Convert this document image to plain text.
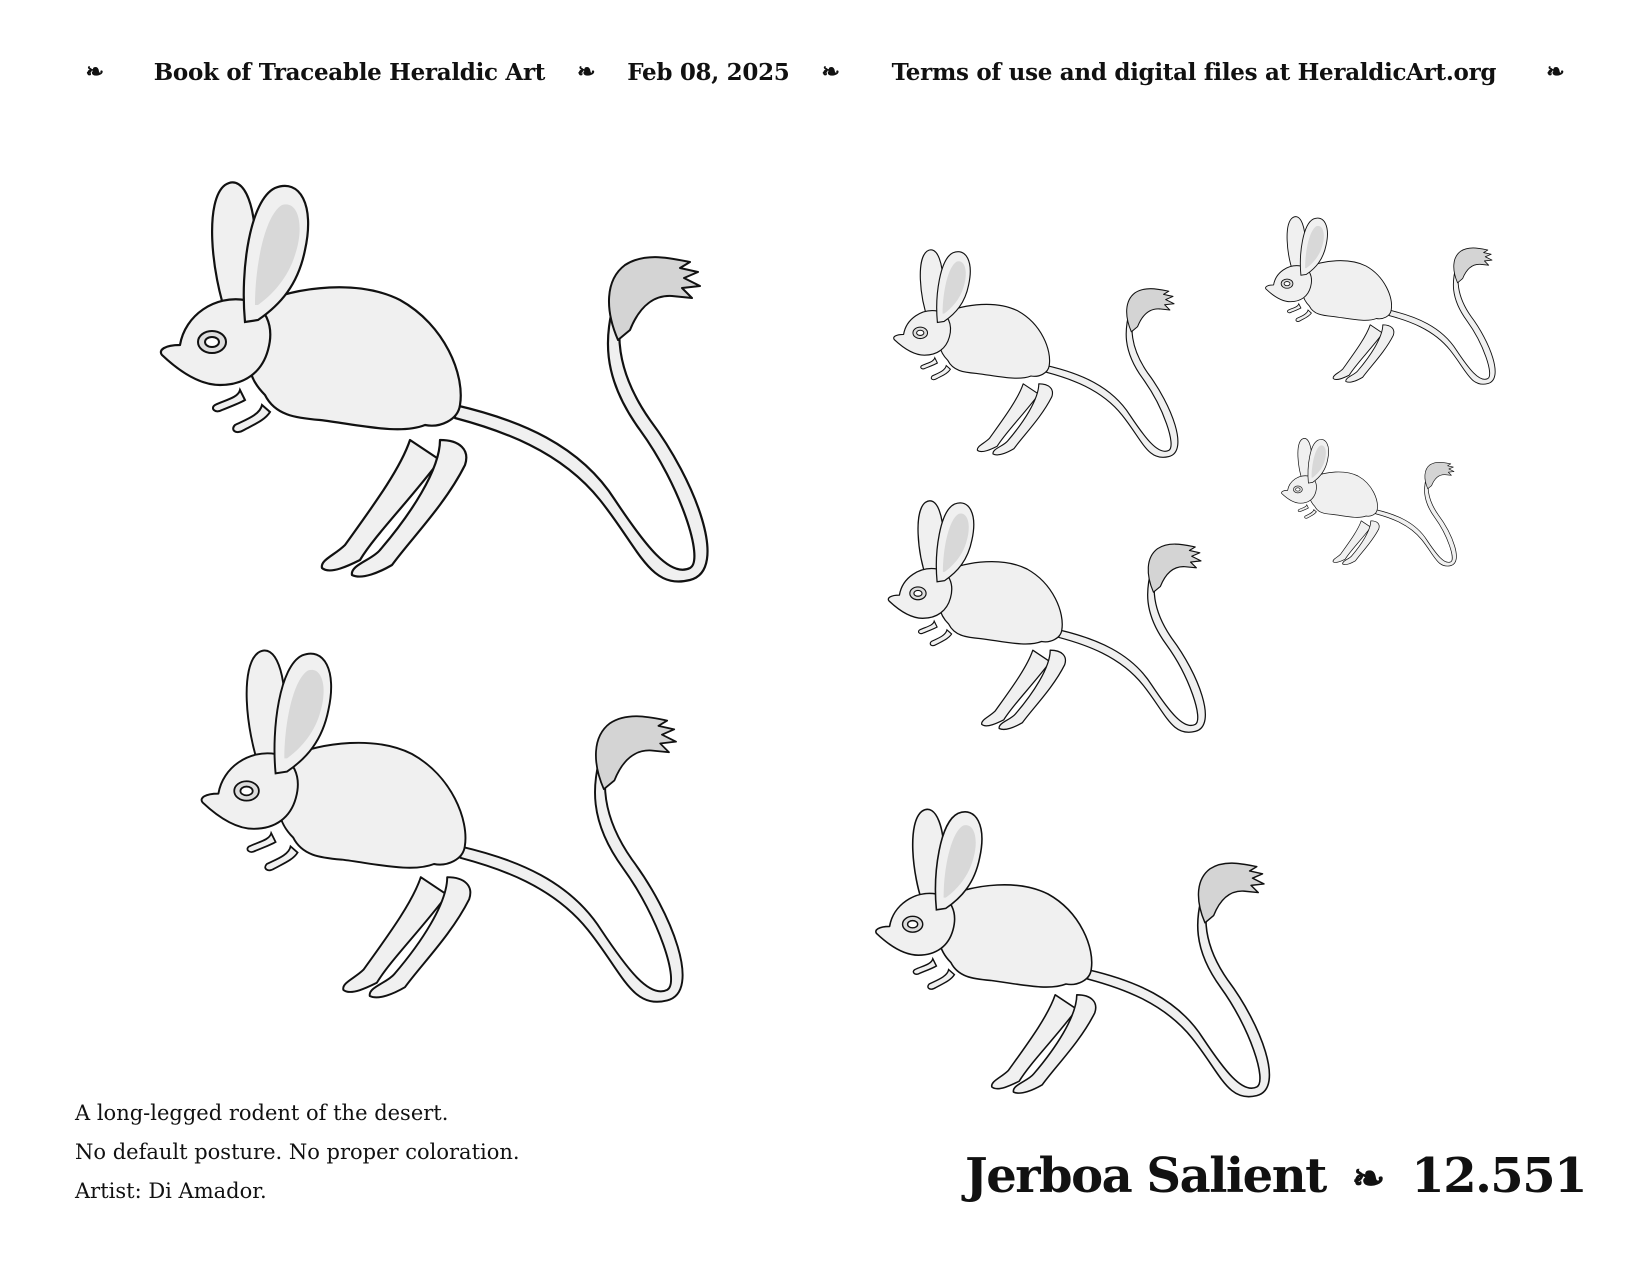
❧ Book of Traceable Heraldic Art ❧ Feb 08, 2025 ❧ Terms of use and digital files at HeraldicArt.org ❧
A long-legged rodent of the desert.
No default posture. No proper coloration.
Artist: Di Amador.	Jerboa Salient ❧ 12.551
